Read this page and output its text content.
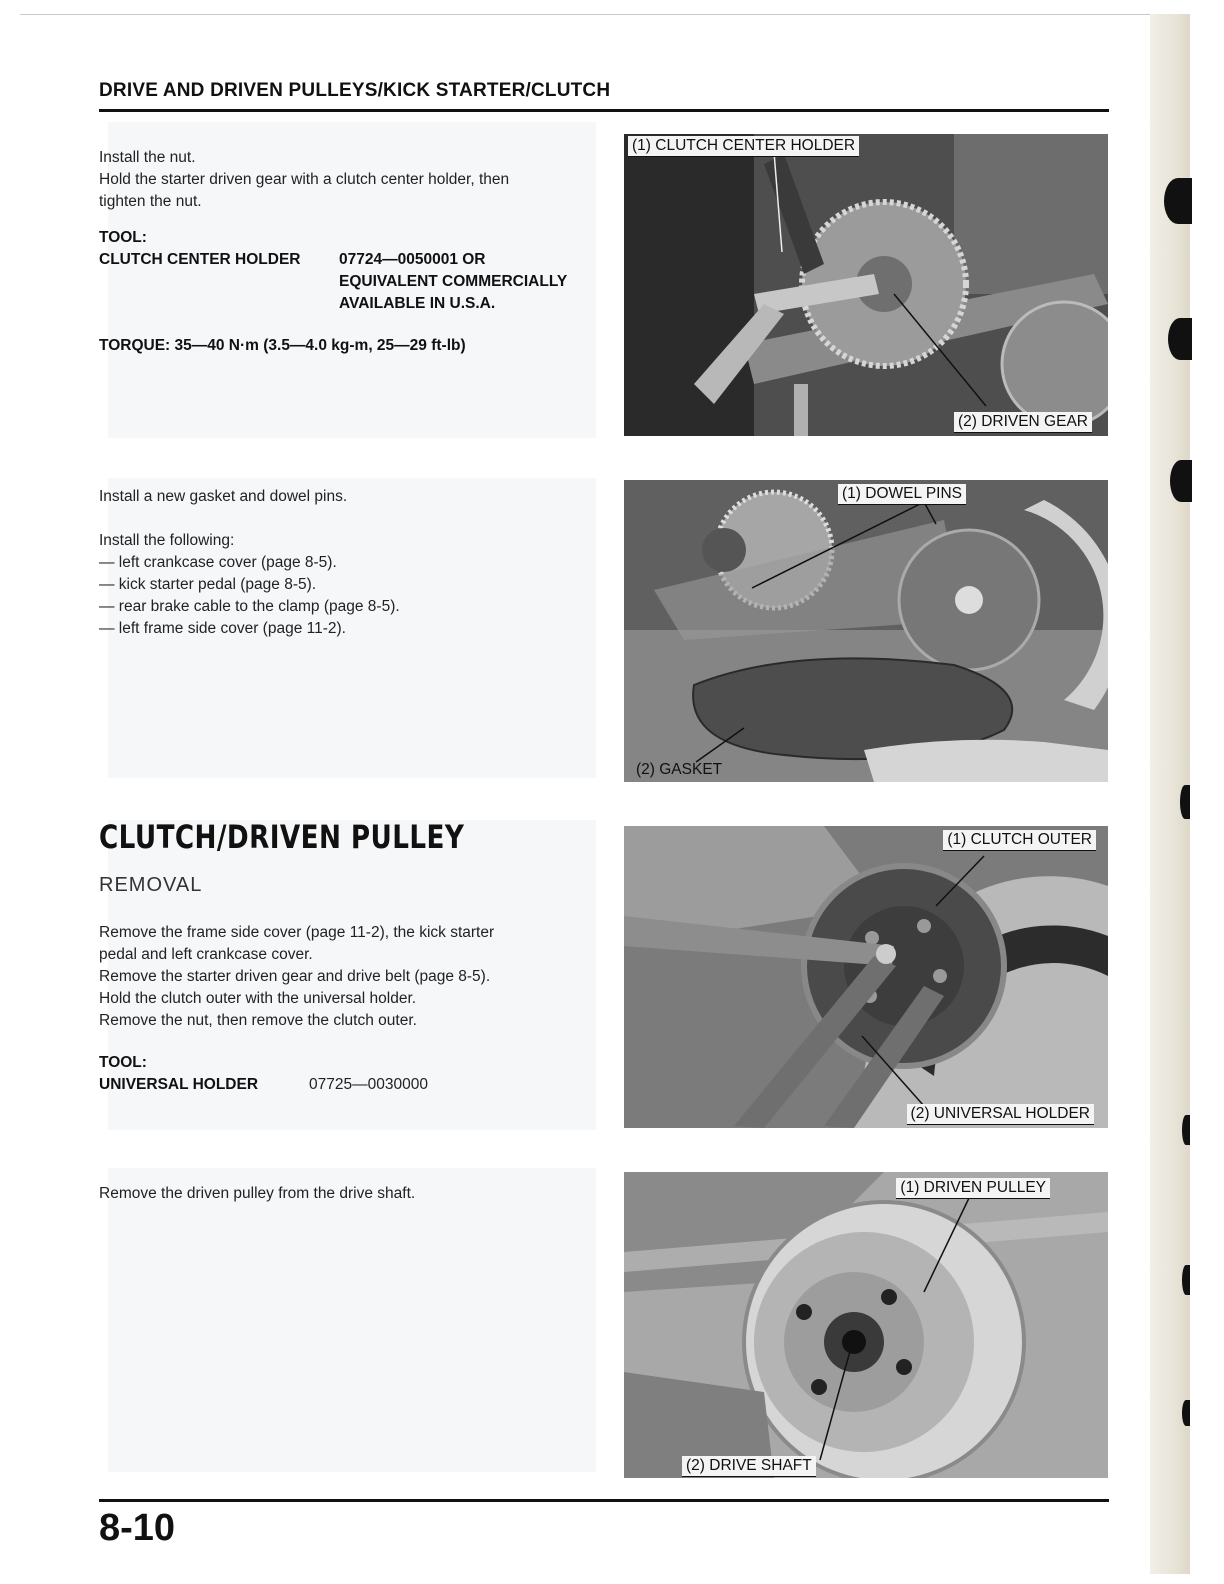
DRIVE AND DRIVEN PULLEYS/KICK STARTER/CLUTCH

Install the nut.

Hold the starter driven gear with a clutch center holder, then

tighten the nut.

TOOL:

CLUTCH CENTER HOLDER	07724—0050001 OR
EQUIVALENT COMMERCIALLY
AVAILABLE IN U.S.A.

TORQUE: 35—40 N·m (3.5—4.0 kg-m, 25—29 ft-lb)

Install a new gasket and dowel pins.

Install the following:

— left crankcase cover (page 8-5).

— kick starter pedal (page 8-5).

— rear brake cable to the clamp (page 8-5).

— left frame side cover (page 11-2).

CLUTCH/DRIVEN PULLEY
REMOVAL

Remove the frame side cover (page 11-2), the kick starter

pedal and left crankcase cover.

Remove the starter driven gear and drive belt (page 8-5).

Hold the clutch outer with the universal holder.

Remove the nut, then remove the clutch outer.

TOOL:

UNIVERSAL HOLDER	07725—0030000

Remove the driven pulley from the drive shaft.

(1) CLUTCH CENTER HOLDER
(2) DRIVEN GEAR
(1) DOWEL PINS
(2) GASKET
(1) CLUTCH OUTER
(2) UNIVERSAL HOLDER
(1) DRIVEN PULLEY
(2) DRIVE SHAFT
8-10
